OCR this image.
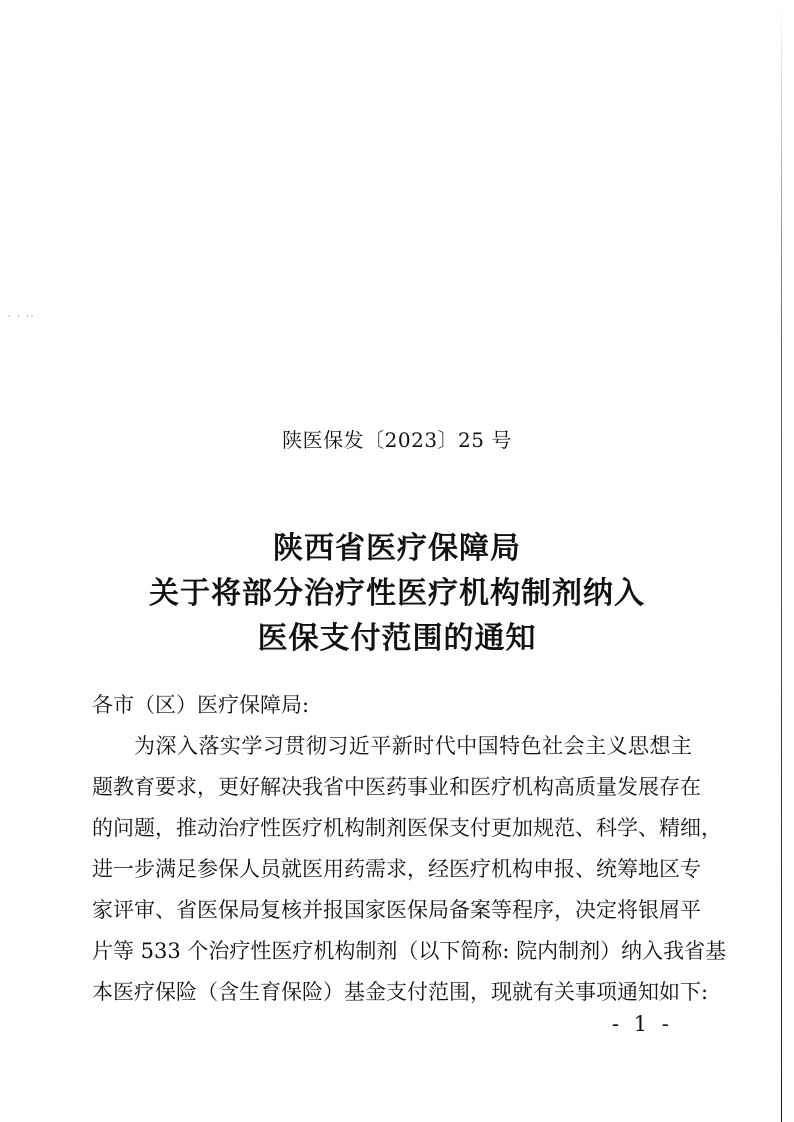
· · ··
陕医保发〔2023〕25 号
陕西省医疗保障局
关于将部分治疗性医疗机构制剂纳入
医保支付范围的通知
各市（区）医疗保障局:
为深入落实学习贯彻习近平新时代中国特色社会主义思想主
题教育要求，更好解决我省中医药事业和医疗机构高质量发展存在
的问题，推动治疗性医疗机构制剂医保支付更加规范、科学、精细，
进一步满足参保人员就医用药需求，经医疗机构申报、统筹地区专
家评审、省医保局复核并报国家医保局备案等程序，决定将银屑平
片等 533 个治疗性医疗机构制剂（以下简称: 院内制剂）纳入我省基
本医疗保险（含生育保险）基金支付范围，现就有关事项通知如下:
- 1 -
